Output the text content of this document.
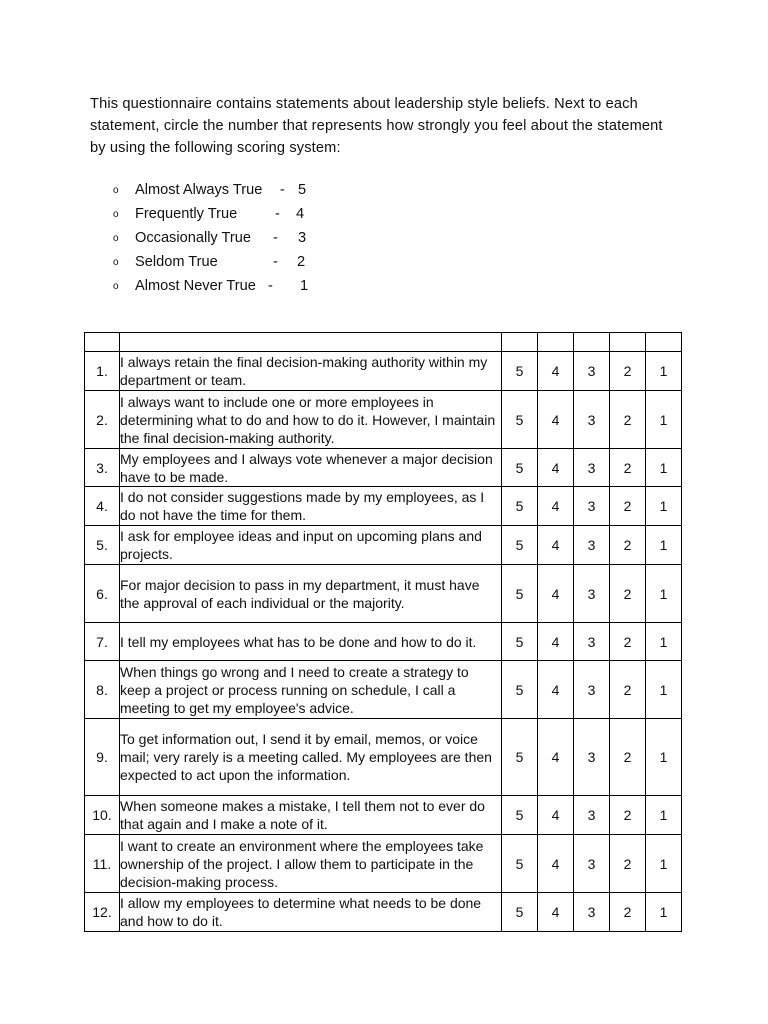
This questionnaire contains statements about leadership style beliefs. Next to each statement, circle the number that represents how strongly you feel about the statement by using the following scoring system:

o Almost Always True - 5
o Frequently True	- 4
o Occasionally True - 3
o Seldom True	- 2
o Almost Never True - 1

1.	I always retain the final decision-making authority within my department or team.	5	4	3	2	1
2.	I always want to include one or more employees in determining what to do and how to do it. However, I maintain the final decision-making authority.	5	4	3	2	1
3.	My employees and I always vote whenever a major decision have to be made.	5	4	3	2	1
4.	I do not consider suggestions made by my employees, as I do not have the time for them.	5	4	3	2	1
5.	I ask for employee ideas and input on upcoming plans and projects.	5	4	3	2	1
6.	For major decision to pass in my department, it must have the approval of each individual or the majority.	5	4	3	2	1
7.	I tell my employees what has to be done and how to do it.	5	4	3	2	1
8.	When things go wrong and I need to create a strategy to keep a project or process running on schedule, I call a meeting to get my employee's advice.	5	4	3	2	1
9.	To get information out, I send it by email, memos, or voice mail; very rarely is a meeting called. My employees are then expected to act upon the information.	5	4	3	2	1
10.	When someone makes a mistake, I tell them not to ever do that again and I make a note of it.	5	4	3	2	1
11.	I want to create an environment where the employees take ownership of the project. I allow them to participate in the decision-making process.	5	4	3	2	1
12.	I allow my employees to determine what needs to be done and how to do it.	5	4	3	2	1
